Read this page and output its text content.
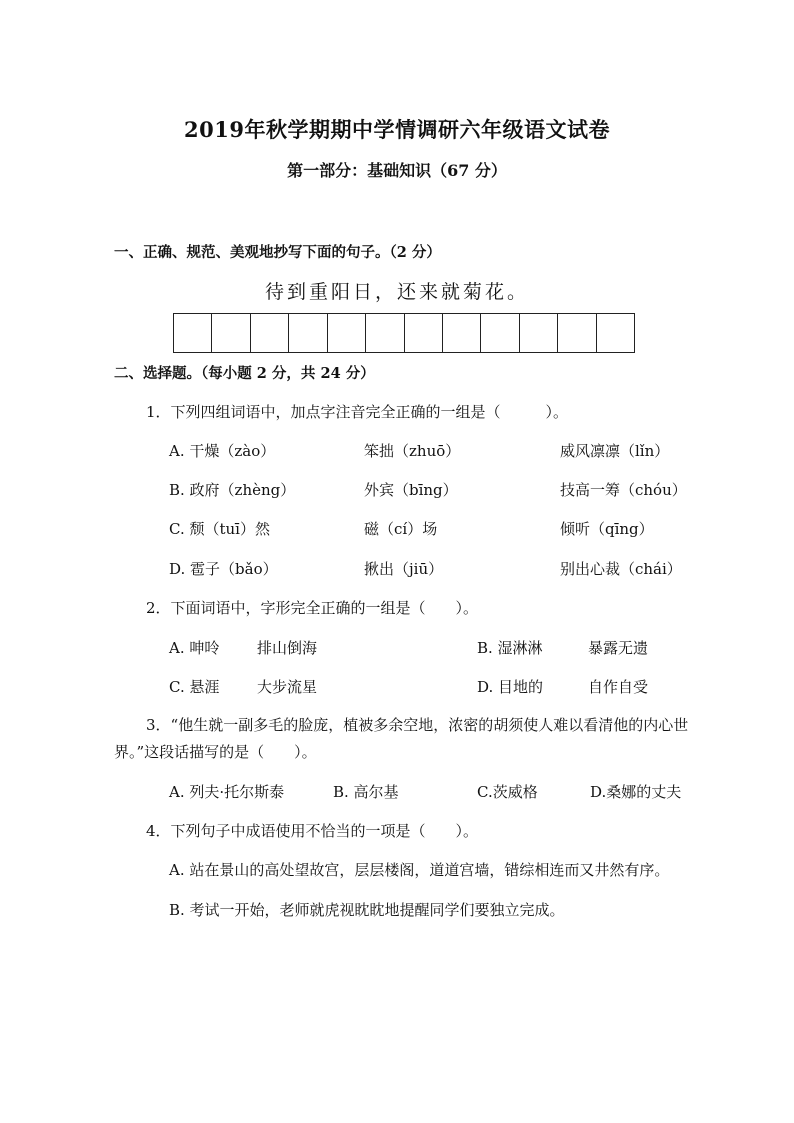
2019年秋学期期中学情调研六年级语文试卷
第一部分：基础知识（67 分）
一、正确、规范、美观地抄写下面的句子。（2 分）
待到重阳日，还来就菊花。
二、选择题。（每小题 2 分，共 24 分）
1．下列四组词语中，加点字注音完全正确的一组是（　　　）。
A. 干燥（zào）	笨拙（zhuō）	威风凛凛（lǐn）
B. 政府（zhèng）	外宾（bīng）	技高一筹（chóu）
C. 颓（tuī）然	磁（cí）场	倾听（qīng）
D. 雹子（bǎo）	揪出（jiū）	别出心裁（chái）
2．下面词语中，字形完全正确的一组是（　　）。
A. 呻呤	排山倒海	B. 湿淋淋	暴露无遗
C. 悬涯	大步流星	D. 目地的	自作自受
3．“他生就一副多毛的脸庞，植被多余空地，浓密的胡须使人难以看清他的内心世界。”这段话描写的是（　　）。
A. 列夫·托尔斯泰	B. 高尔基	C.茨威格	D.桑娜的丈夫
4．下列句子中成语使用不恰当的一项是（　　）。
A. 站在景山的高处望故宫，层层楼阁，道道宫墙，错综相连而又井然有序。
B. 考试一开始，老师就虎视眈眈地提醒同学们要独立完成。
